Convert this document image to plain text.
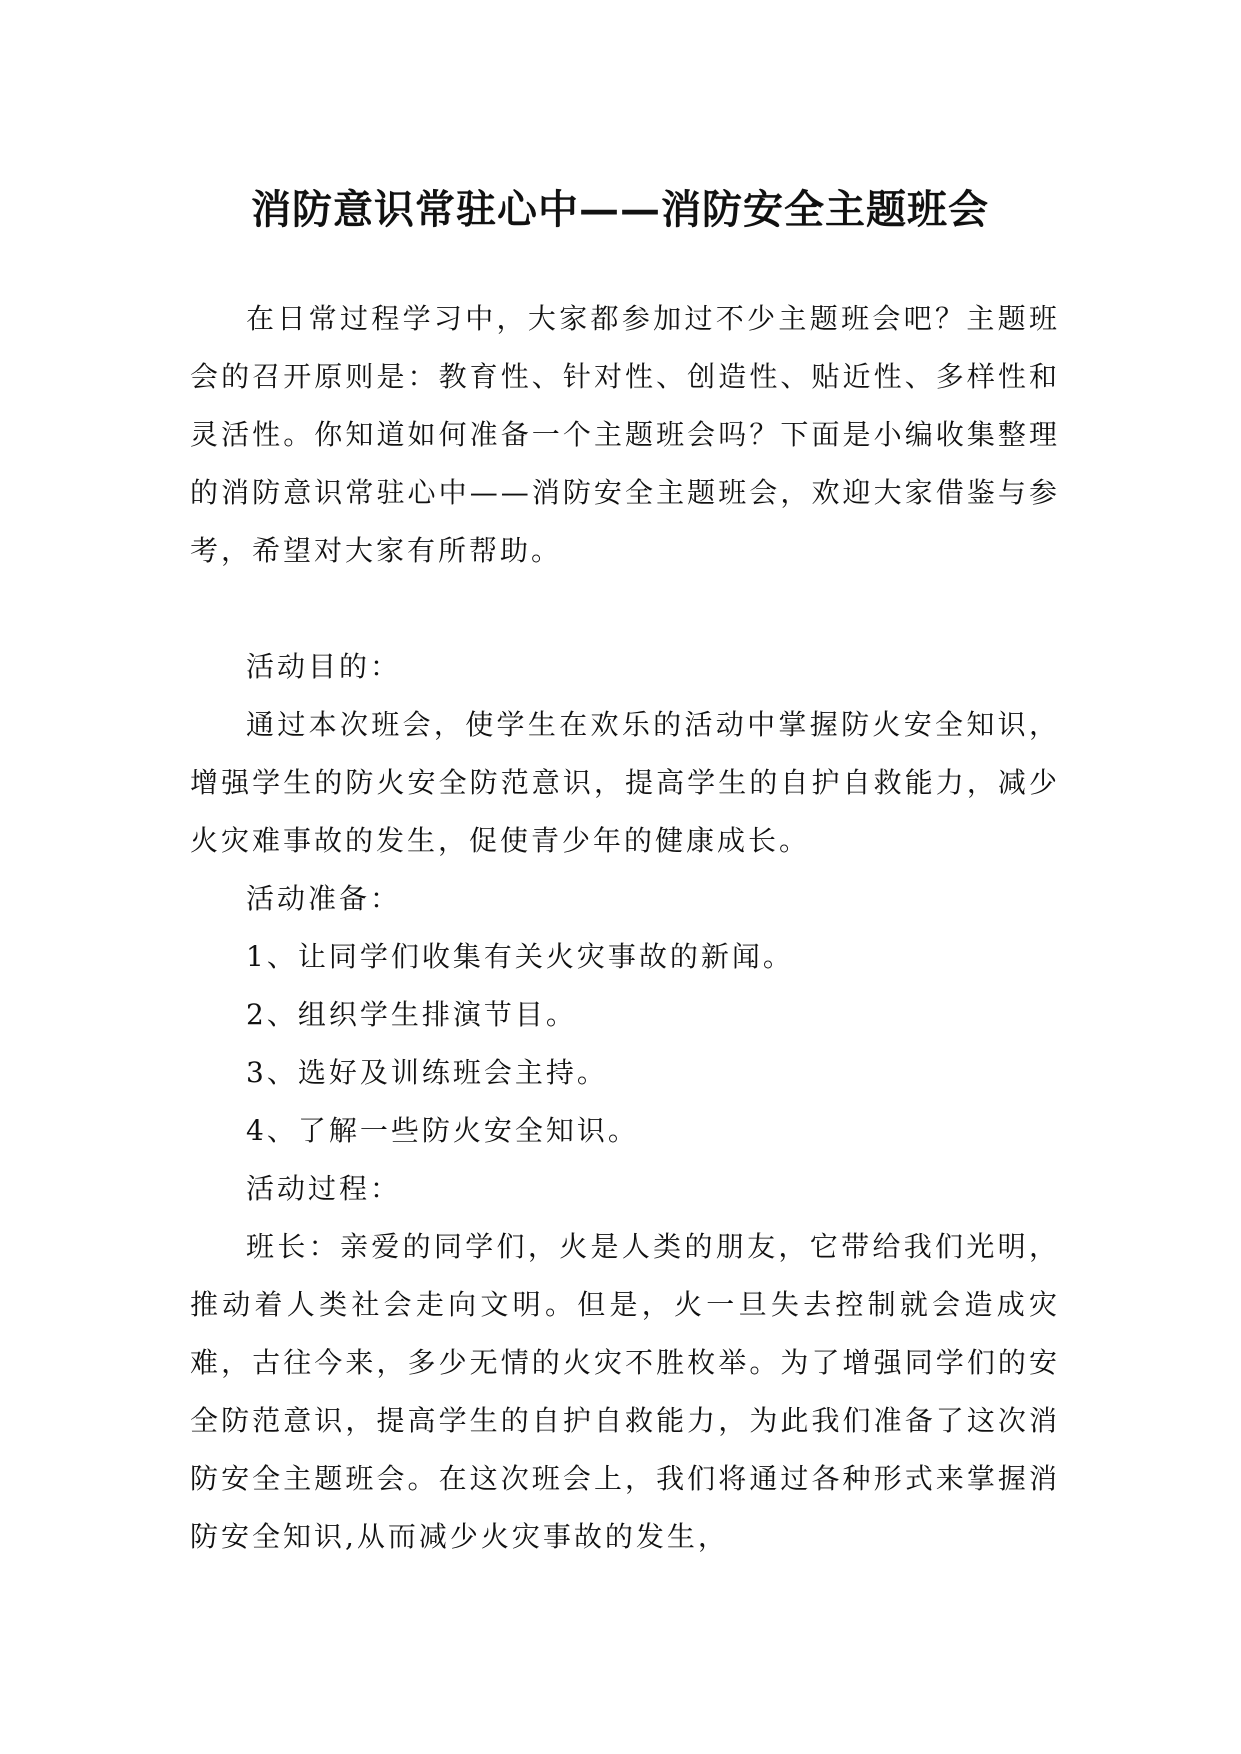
消防意识常驻心中——消防安全主题班会

在日常过程学习中，大家都参加过不少主题班会吧？主题班会的召开原则是：教育性、针对性、创造性、贴近性、多样性和灵活性。你知道如何准备一个主题班会吗？下面是小编收集整理的消防意识常驻心中——消防安全主题班会，欢迎大家借鉴与参考，希望对大家有所帮助。

活动目的：

通过本次班会，使学生在欢乐的活动中掌握防火安全知识，增强学生的防火安全防范意识，提高学生的自护自救能力，减少火灾难事故的发生，促使青少年的健康成长。

活动准备：

1、让同学们收集有关火灾事故的新闻。

2、组织学生排演节目。

3、选好及训练班会主持。

4、了解一些防火安全知识。

活动过程：

班长：亲爱的同学们，火是人类的朋友，它带给我们光明，推动着人类社会走向文明。但是，火一旦失去控制就会造成灾难，古往今来，多少无情的火灾不胜枚举。为了增强同学们的安全防范意识，提高学生的自护自救能力，为此我们准备了这次消防安全主题班会。在这次班会上，我们将通过各种形式来掌握消防安全知识,从而减少火灾事故的发生，
